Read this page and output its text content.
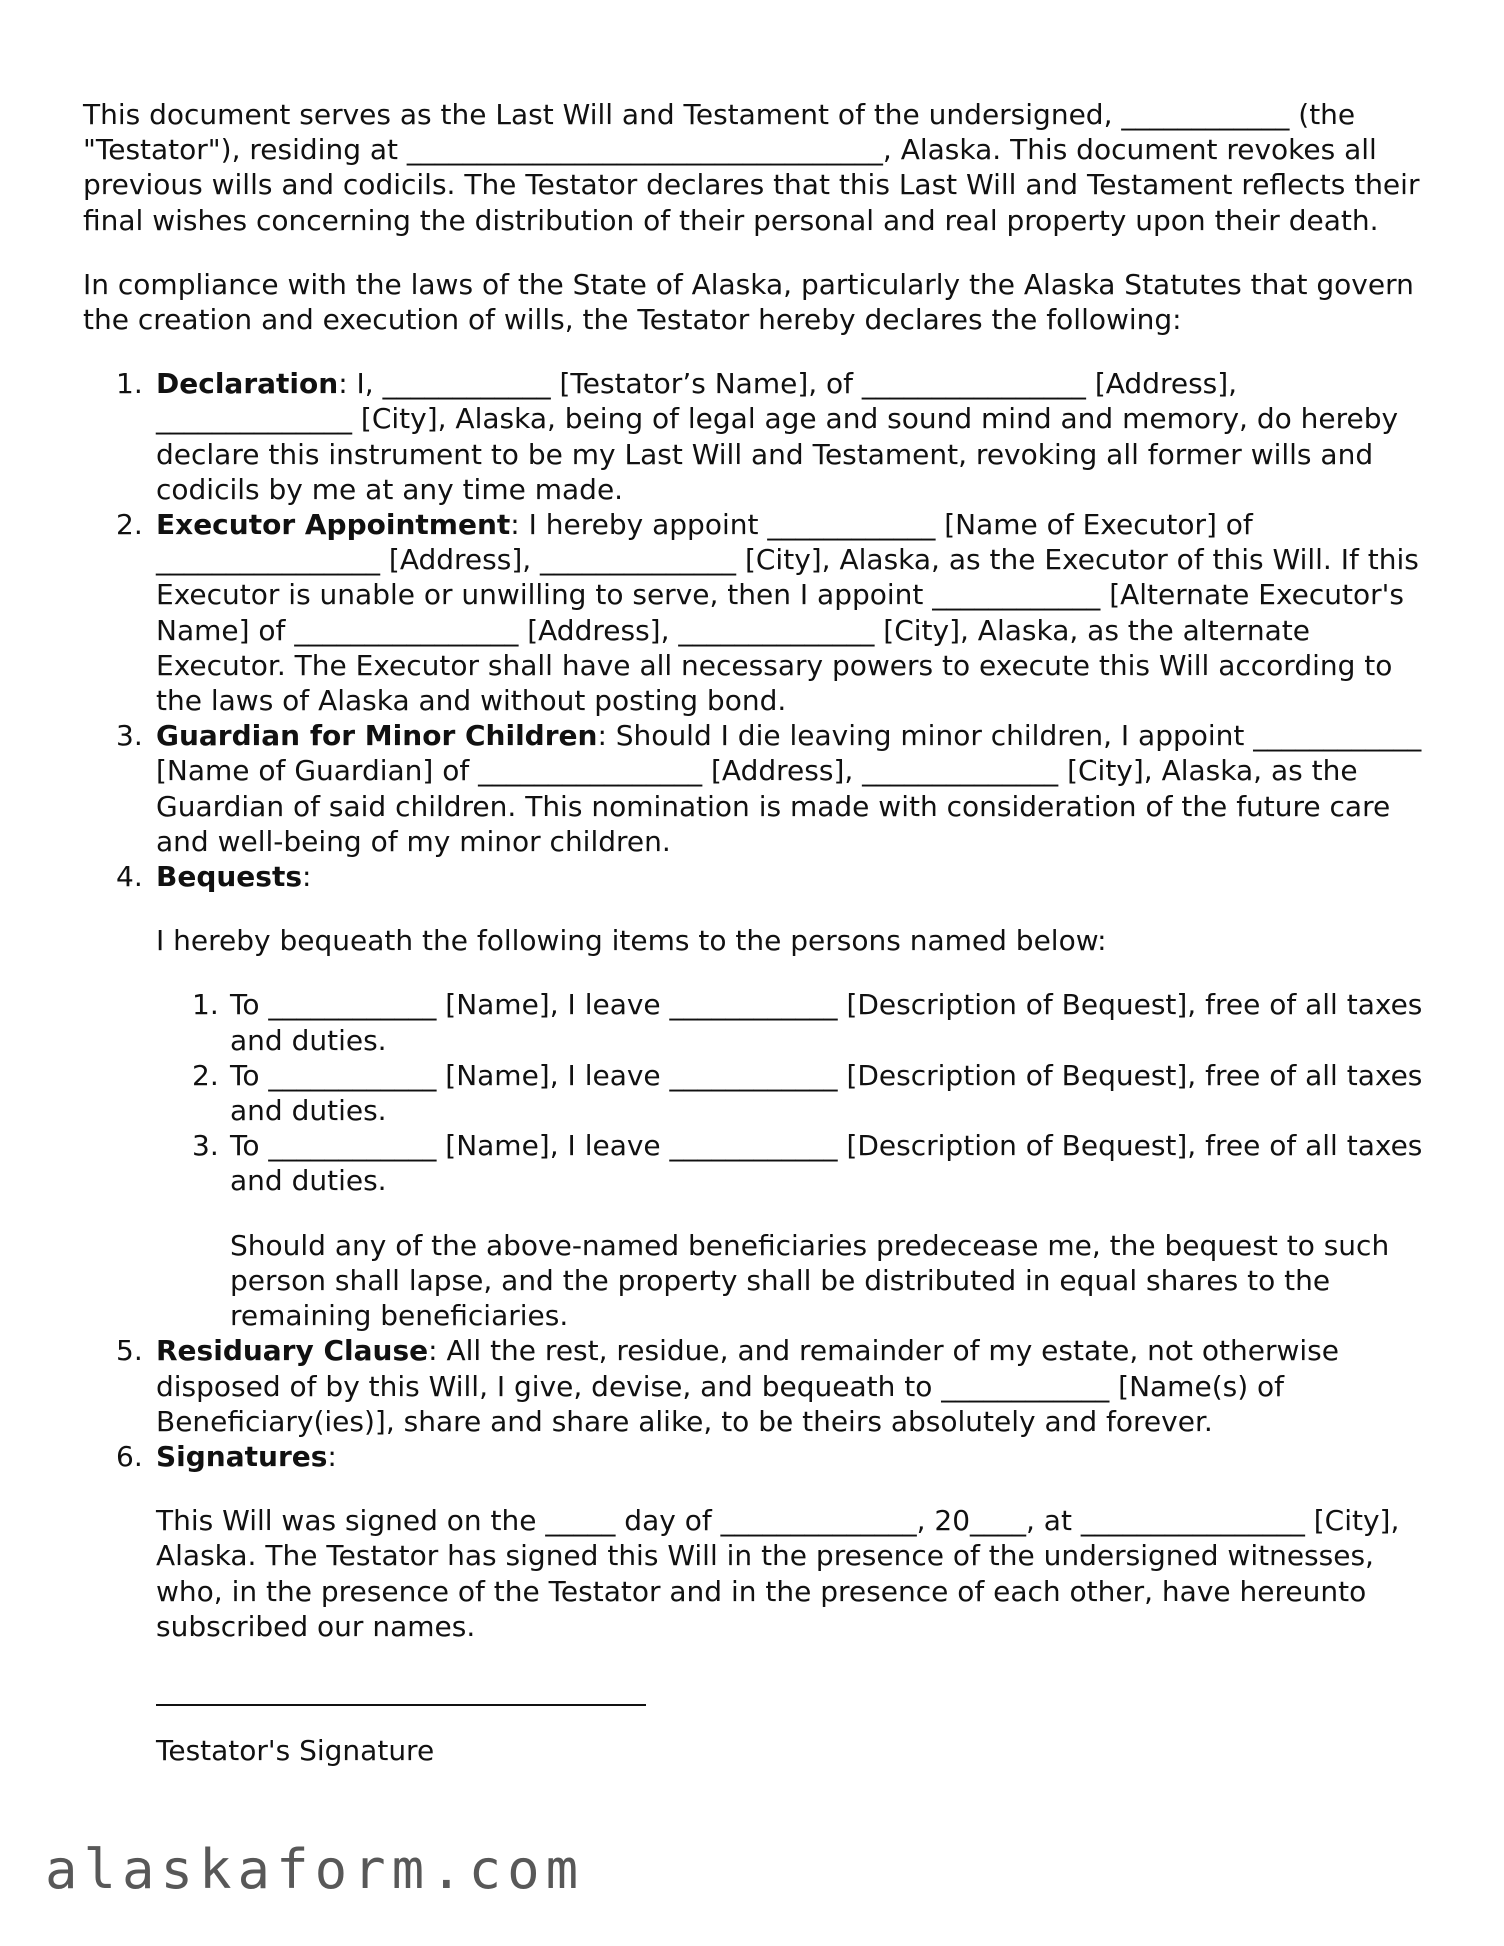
This document serves as the Last Will and Testament of the undersigned, ____________ (the "Testator"), residing at __________________________________, Alaska. This document revokes all previous wills and codicils. The Testator declares that this Last Will and Testament reflects their final wishes concerning the distribution of their personal and real property upon their death.

In compliance with the laws of the State of Alaska, particularly the Alaska Statutes that govern the creation and execution of wills, the Testator hereby declares the following:

1. Declaration: I, ____________ [Testator’s Name], of ________________ [Address], ______________ [City], Alaska, being of legal age and sound mind and memory, do hereby declare this instrument to be my Last Will and Testament, revoking all former wills and codicils by me at any time made.
2. Executor Appointment: I hereby appoint ____________ [Name of Executor] of ________________ [Address], ______________ [City], Alaska, as the Executor of this Will. If this Executor is unable or unwilling to serve, then I appoint ____________ [Alternate Executor's Name] of ________________ [Address], ______________ [City], Alaska, as the alternate Executor. The Executor shall have all necessary powers to execute this Will according to the laws of Alaska and without posting bond.
3. Guardian for Minor Children: Should I die leaving minor children, I appoint ____________ [Name of Guardian] of ________________ [Address], ______________ [City], Alaska, as the Guardian of said children. This nomination is made with consideration of the future care and well-being of my minor children.
4. Bequests:

I hereby bequeath the following items to the persons named below:

1. To ____________ [Name], I leave ____________ [Description of Bequest], free of all taxes and duties.
2. To ____________ [Name], I leave ____________ [Description of Bequest], free of all taxes and duties.
3. To ____________ [Name], I leave ____________ [Description of Bequest], free of all taxes and duties.

Should any of the above-named beneficiaries predecease me, the bequest to such person shall lapse, and the property shall be distributed in equal shares to the remaining beneficiaries.

5. Residuary Clause: All the rest, residue, and remainder of my estate, not otherwise disposed of by this Will, I give, devise, and bequeath to ____________ [Name(s) of Beneficiary(ies)], share and share alike, to be theirs absolutely and forever.
6. Signatures:

This Will was signed on the _____ day of ______________, 20____, at ________________ [City], Alaska. The Testator has signed this Will in the presence of the undersigned witnesses, who, in the presence of the Testator and in the presence of each other, have hereunto subscribed our names.

Testator's Signature

alaskaform.com
